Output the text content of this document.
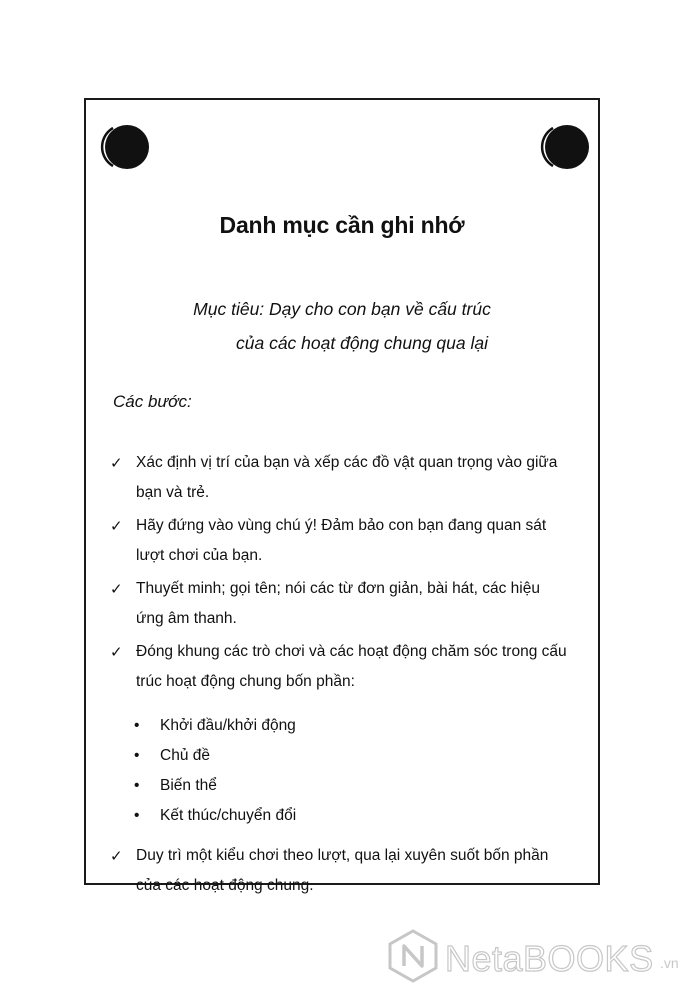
Danh mục cần ghi nhớ
Mục tiêu: Dạy cho con bạn về cấu trúc
của các hoạt động chung qua lại
Các bước:
✓ Xác định vị trí của bạn và xếp các đồ vật quan trọng vào giữa bạn và trẻ.
✓ Hãy đứng vào vùng chú ý! Đảm bảo con bạn đang quan sát lượt chơi của bạn.
✓ Thuyết minh; gọi tên; nói các từ đơn giản, bài hát, các hiệu ứng âm thanh.
✓ Đóng khung các trò chơi và các hoạt động chăm sóc trong cấu trúc hoạt động chung bốn phần:
• Khởi đầu/khởi động
• Chủ đề
• Biến thể
• Kết thúc/chuyển đổi
✓ Duy trì một kiểu chơi theo lượt, qua lại xuyên suốt bốn phần của các hoạt động chung.
NetaBOOKS .vn
